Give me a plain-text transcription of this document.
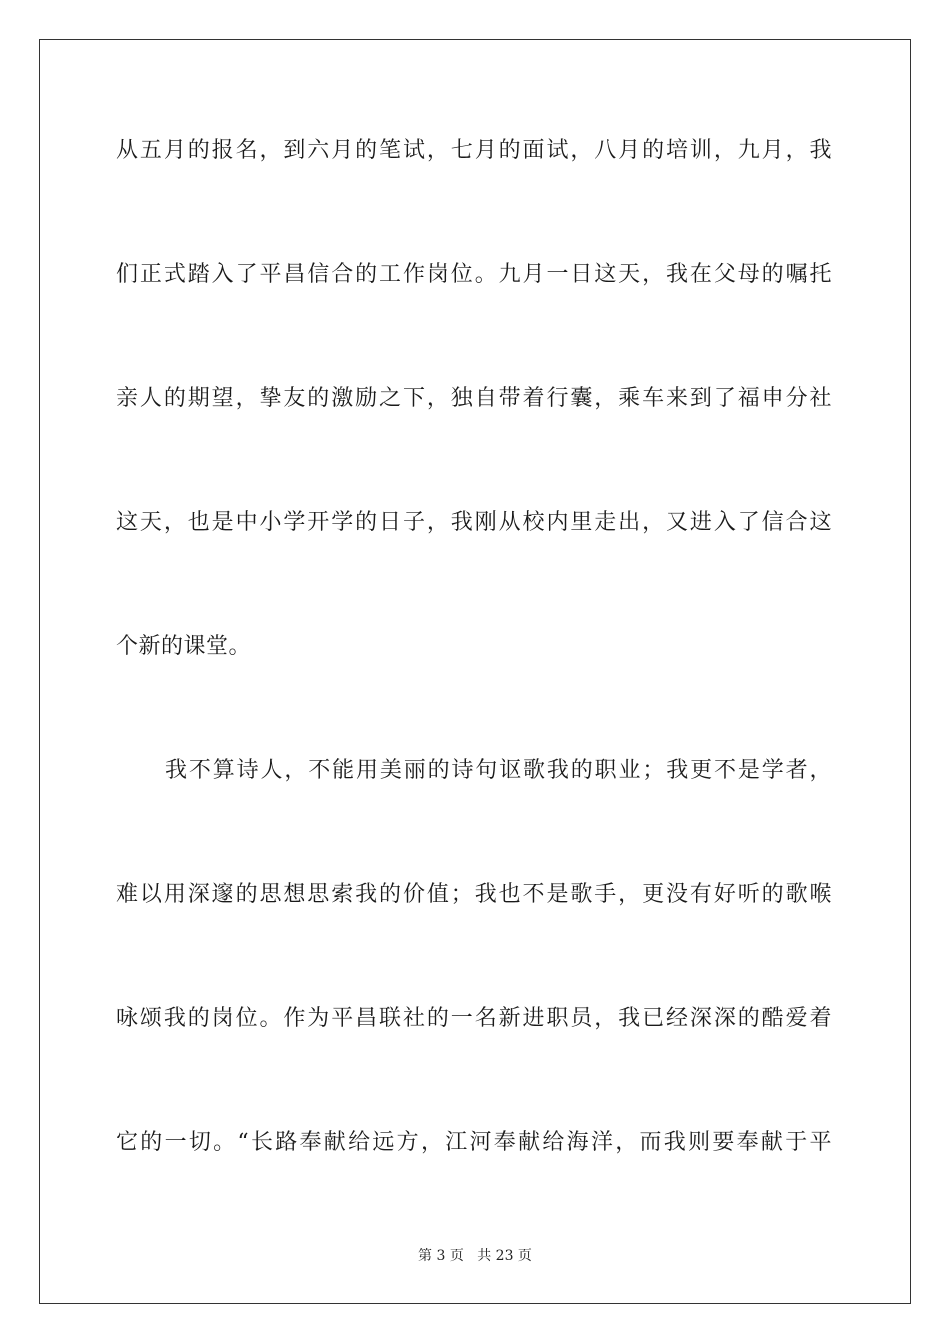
从五月的报名，到六月的笔试，七月的面试，八月的培训，九月，我
们正式踏入了平昌信合的工作岗位。九月一日这天，我在父母的嘱托
亲人的期望，挚友的激励之下，独自带着行囊，乘车来到了福申分社
这天，也是中小学开学的日子，我刚从校内里走出，又进入了信合这
个新的课堂。
我不算诗人，不能用美丽的诗句讴歌我的职业；我更不是学者，
难以用深邃的思想思索我的价值；我也不是歌手，更没有好听的歌喉
咏颂我的岗位。作为平昌联社的一名新进职员，我已经深深的酷爱着
它的一切。“长路奉献给远方，江河奉献给海洋，而我则要奉献于平
第 3 页 共 23 页
